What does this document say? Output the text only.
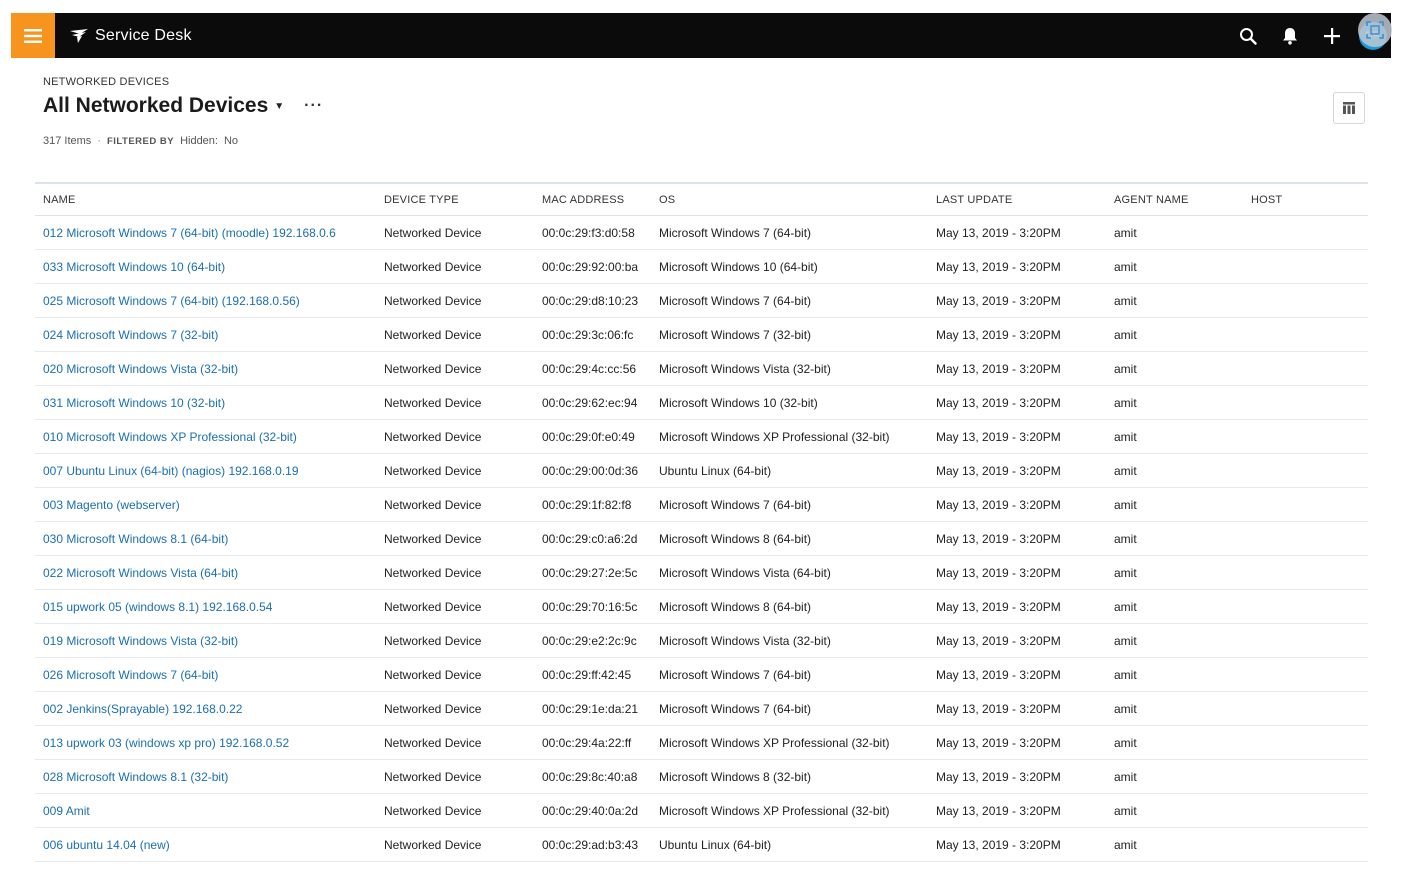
Service Desk
NETWORKED DEVICES
All Networked Devices ▼ ···
317 Items · FILTERED BY Hidden: No
NAME	DEVICE TYPE	MAC ADDRESS	OS	LAST UPDATE	AGENT NAME	HOST
012 Microsoft Windows 7 (64-bit) (moodle) 192.168.0.6	Networked Device	00:0c:29:f3:d0:58	Microsoft Windows 7 (64-bit)	May 13, 2019 - 3:20PM	amit	
033 Microsoft Windows 10 (64-bit)	Networked Device	00:0c:29:92:00:ba	Microsoft Windows 10 (64-bit)	May 13, 2019 - 3:20PM	amit	
025 Microsoft Windows 7 (64-bit) (192.168.0.56)	Networked Device	00:0c:29:d8:10:23	Microsoft Windows 7 (64-bit)	May 13, 2019 - 3:20PM	amit	
024 Microsoft Windows 7 (32-bit)	Networked Device	00:0c:29:3c:06:fc	Microsoft Windows 7 (32-bit)	May 13, 2019 - 3:20PM	amit	
020 Microsoft Windows Vista (32-bit)	Networked Device	00:0c:29:4c:cc:56	Microsoft Windows Vista (32-bit)	May 13, 2019 - 3:20PM	amit	
031 Microsoft Windows 10 (32-bit)	Networked Device	00:0c:29:62:ec:94	Microsoft Windows 10 (32-bit)	May 13, 2019 - 3:20PM	amit	
010 Microsoft Windows XP Professional (32-bit)	Networked Device	00:0c:29:0f:e0:49	Microsoft Windows XP Professional (32-bit)	May 13, 2019 - 3:20PM	amit	
007 Ubuntu Linux (64-bit) (nagios) 192.168.0.19	Networked Device	00:0c:29:00:0d:36	Ubuntu Linux (64-bit)	May 13, 2019 - 3:20PM	amit	
003 Magento (webserver)	Networked Device	00:0c:29:1f:82:f8	Microsoft Windows 7 (64-bit)	May 13, 2019 - 3:20PM	amit	
030 Microsoft Windows 8.1 (64-bit)	Networked Device	00:0c:29:c0:a6:2d	Microsoft Windows 8 (64-bit)	May 13, 2019 - 3:20PM	amit	
022 Microsoft Windows Vista (64-bit)	Networked Device	00:0c:29:27:2e:5c	Microsoft Windows Vista (64-bit)	May 13, 2019 - 3:20PM	amit	
015 upwork 05 (windows 8.1) 192.168.0.54	Networked Device	00:0c:29:70:16:5c	Microsoft Windows 8 (64-bit)	May 13, 2019 - 3:20PM	amit	
019 Microsoft Windows Vista (32-bit)	Networked Device	00:0c:29:e2:2c:9c	Microsoft Windows Vista (32-bit)	May 13, 2019 - 3:20PM	amit	
026 Microsoft Windows 7 (64-bit)	Networked Device	00:0c:29:ff:42:45	Microsoft Windows 7 (64-bit)	May 13, 2019 - 3:20PM	amit	
002 Jenkins(Sprayable) 192.168.0.22	Networked Device	00:0c:29:1e:da:21	Microsoft Windows 7 (64-bit)	May 13, 2019 - 3:20PM	amit	
013 upwork 03 (windows xp pro) 192.168.0.52	Networked Device	00:0c:29:4a:22:ff	Microsoft Windows XP Professional (32-bit)	May 13, 2019 - 3:20PM	amit	
028 Microsoft Windows 8.1 (32-bit)	Networked Device	00:0c:29:8c:40:a8	Microsoft Windows 8 (32-bit)	May 13, 2019 - 3:20PM	amit	
009 Amit	Networked Device	00:0c:29:40:0a:2d	Microsoft Windows XP Professional (32-bit)	May 13, 2019 - 3:20PM	amit	
006 ubuntu 14.04 (new)	Networked Device	00:0c:29:ad:b3:43	Ubuntu Linux (64-bit)	May 13, 2019 - 3:20PM	amit	
